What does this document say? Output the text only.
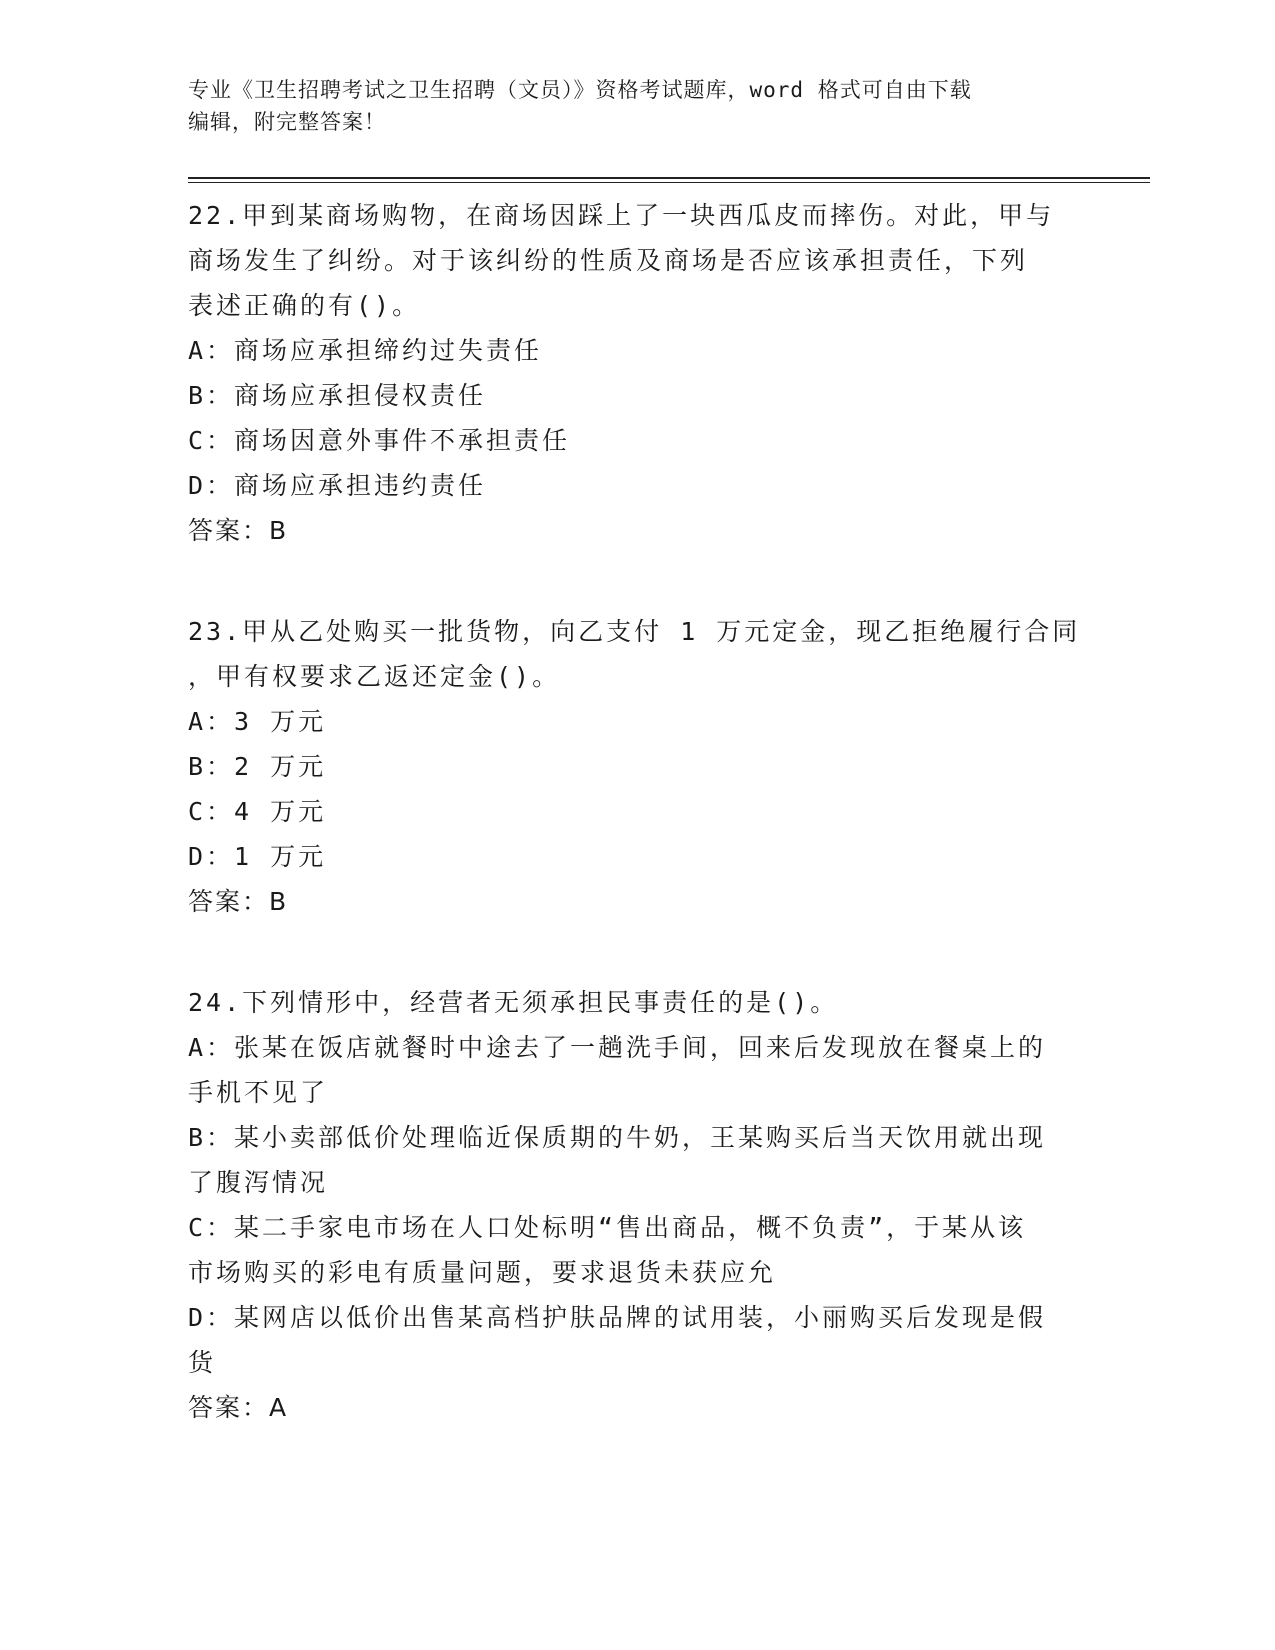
专业《卫生招聘考试之卫生招聘（文员）》资格考试题库，word 格式可自由下载
编辑，附完整答案！
22.甲到某商场购物，在商场因踩上了一块西瓜皮而摔伤。对此，甲与
商场发生了纠纷。对于该纠纷的性质及商场是否应该承担责任，下列
表述正确的有()。
A：商场应承担缔约过失责任
B：商场应承担侵权责任
C：商场因意外事件不承担责任
D：商场应承担违约责任
答案：B
23.甲从乙处购买一批货物，向乙支付 1 万元定金，现乙拒绝履行合同
，甲有权要求乙返还定金()。
A：3 万元
B：2 万元
C：4 万元
D：1 万元
答案：B
24.下列情形中，经营者无须承担民事责任的是()。
A：张某在饭店就餐时中途去了一趟洗手间，回来后发现放在餐桌上的
手机不见了
B：某小卖部低价处理临近保质期的牛奶，王某购买后当天饮用就出现
了腹泻情况
C：某二手家电市场在人口处标明“售出商品，概不负责”，于某从该
市场购买的彩电有质量问题，要求退货未获应允
D：某网店以低价出售某高档护肤品牌的试用装，小丽购买后发现是假
货
答案：A
